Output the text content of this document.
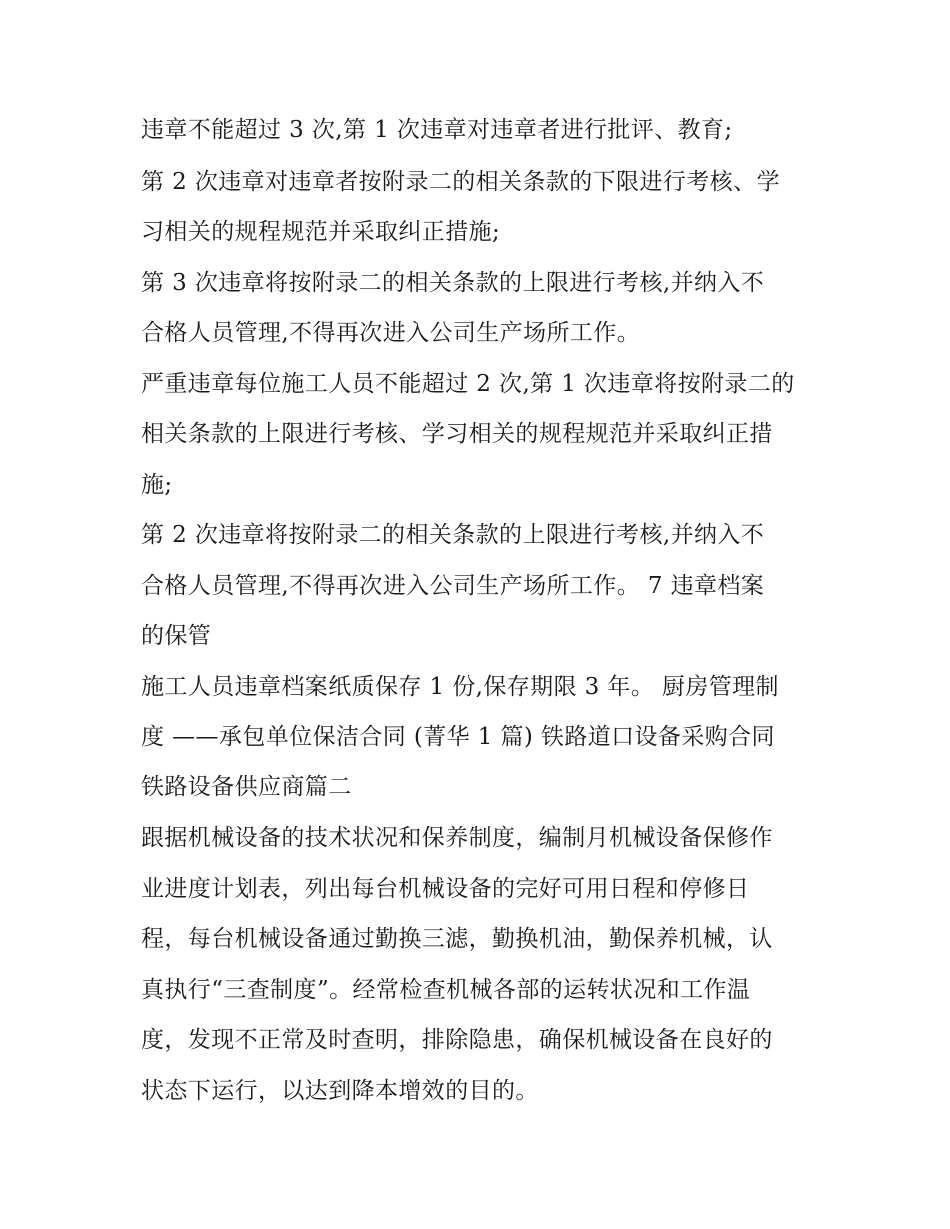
违章不能超过 3 次,第 1 次违章对违章者进行批评、教育;
第 2 次违章对违章者按附录二的相关条款的下限进行考核、学
习相关的规程规范并采取纠正措施;
第 3 次违章将按附录二的相关条款的上限进行考核,并纳入不
合格人员管理,不得再次进入公司生产场所工作。
严重违章每位施工人员不能超过 2 次,第 1 次违章将按附录二的
相关条款的上限进行考核、学习相关的规程规范并采取纠正措
施;
第 2 次违章将按附录二的相关条款的上限进行考核,并纳入不
合格人员管理,不得再次进入公司生产场所工作。 7 违章档案
的保管
施工人员违章档案纸质保存 1 份,保存期限 3 年。 厨房管理制
度 ——承包单位保洁合同 (菁华 1 篇) 铁路道口设备采购合同
铁路设备供应商篇二
跟据机械设备的技术状况和保养制度，编制月机械设备保修作
业进度计划表，列出每台机械设备的完好可用日程和停修日
程，每台机械设备通过勤换三滤，勤换机油，勤保养机械，认
真执行“三查制度”。经常检查机械各部的运转状况和工作温
度，发现不正常及时查明，排除隐患，确保机械设备在良好的
状态下运行，以达到降本增效的目的。
